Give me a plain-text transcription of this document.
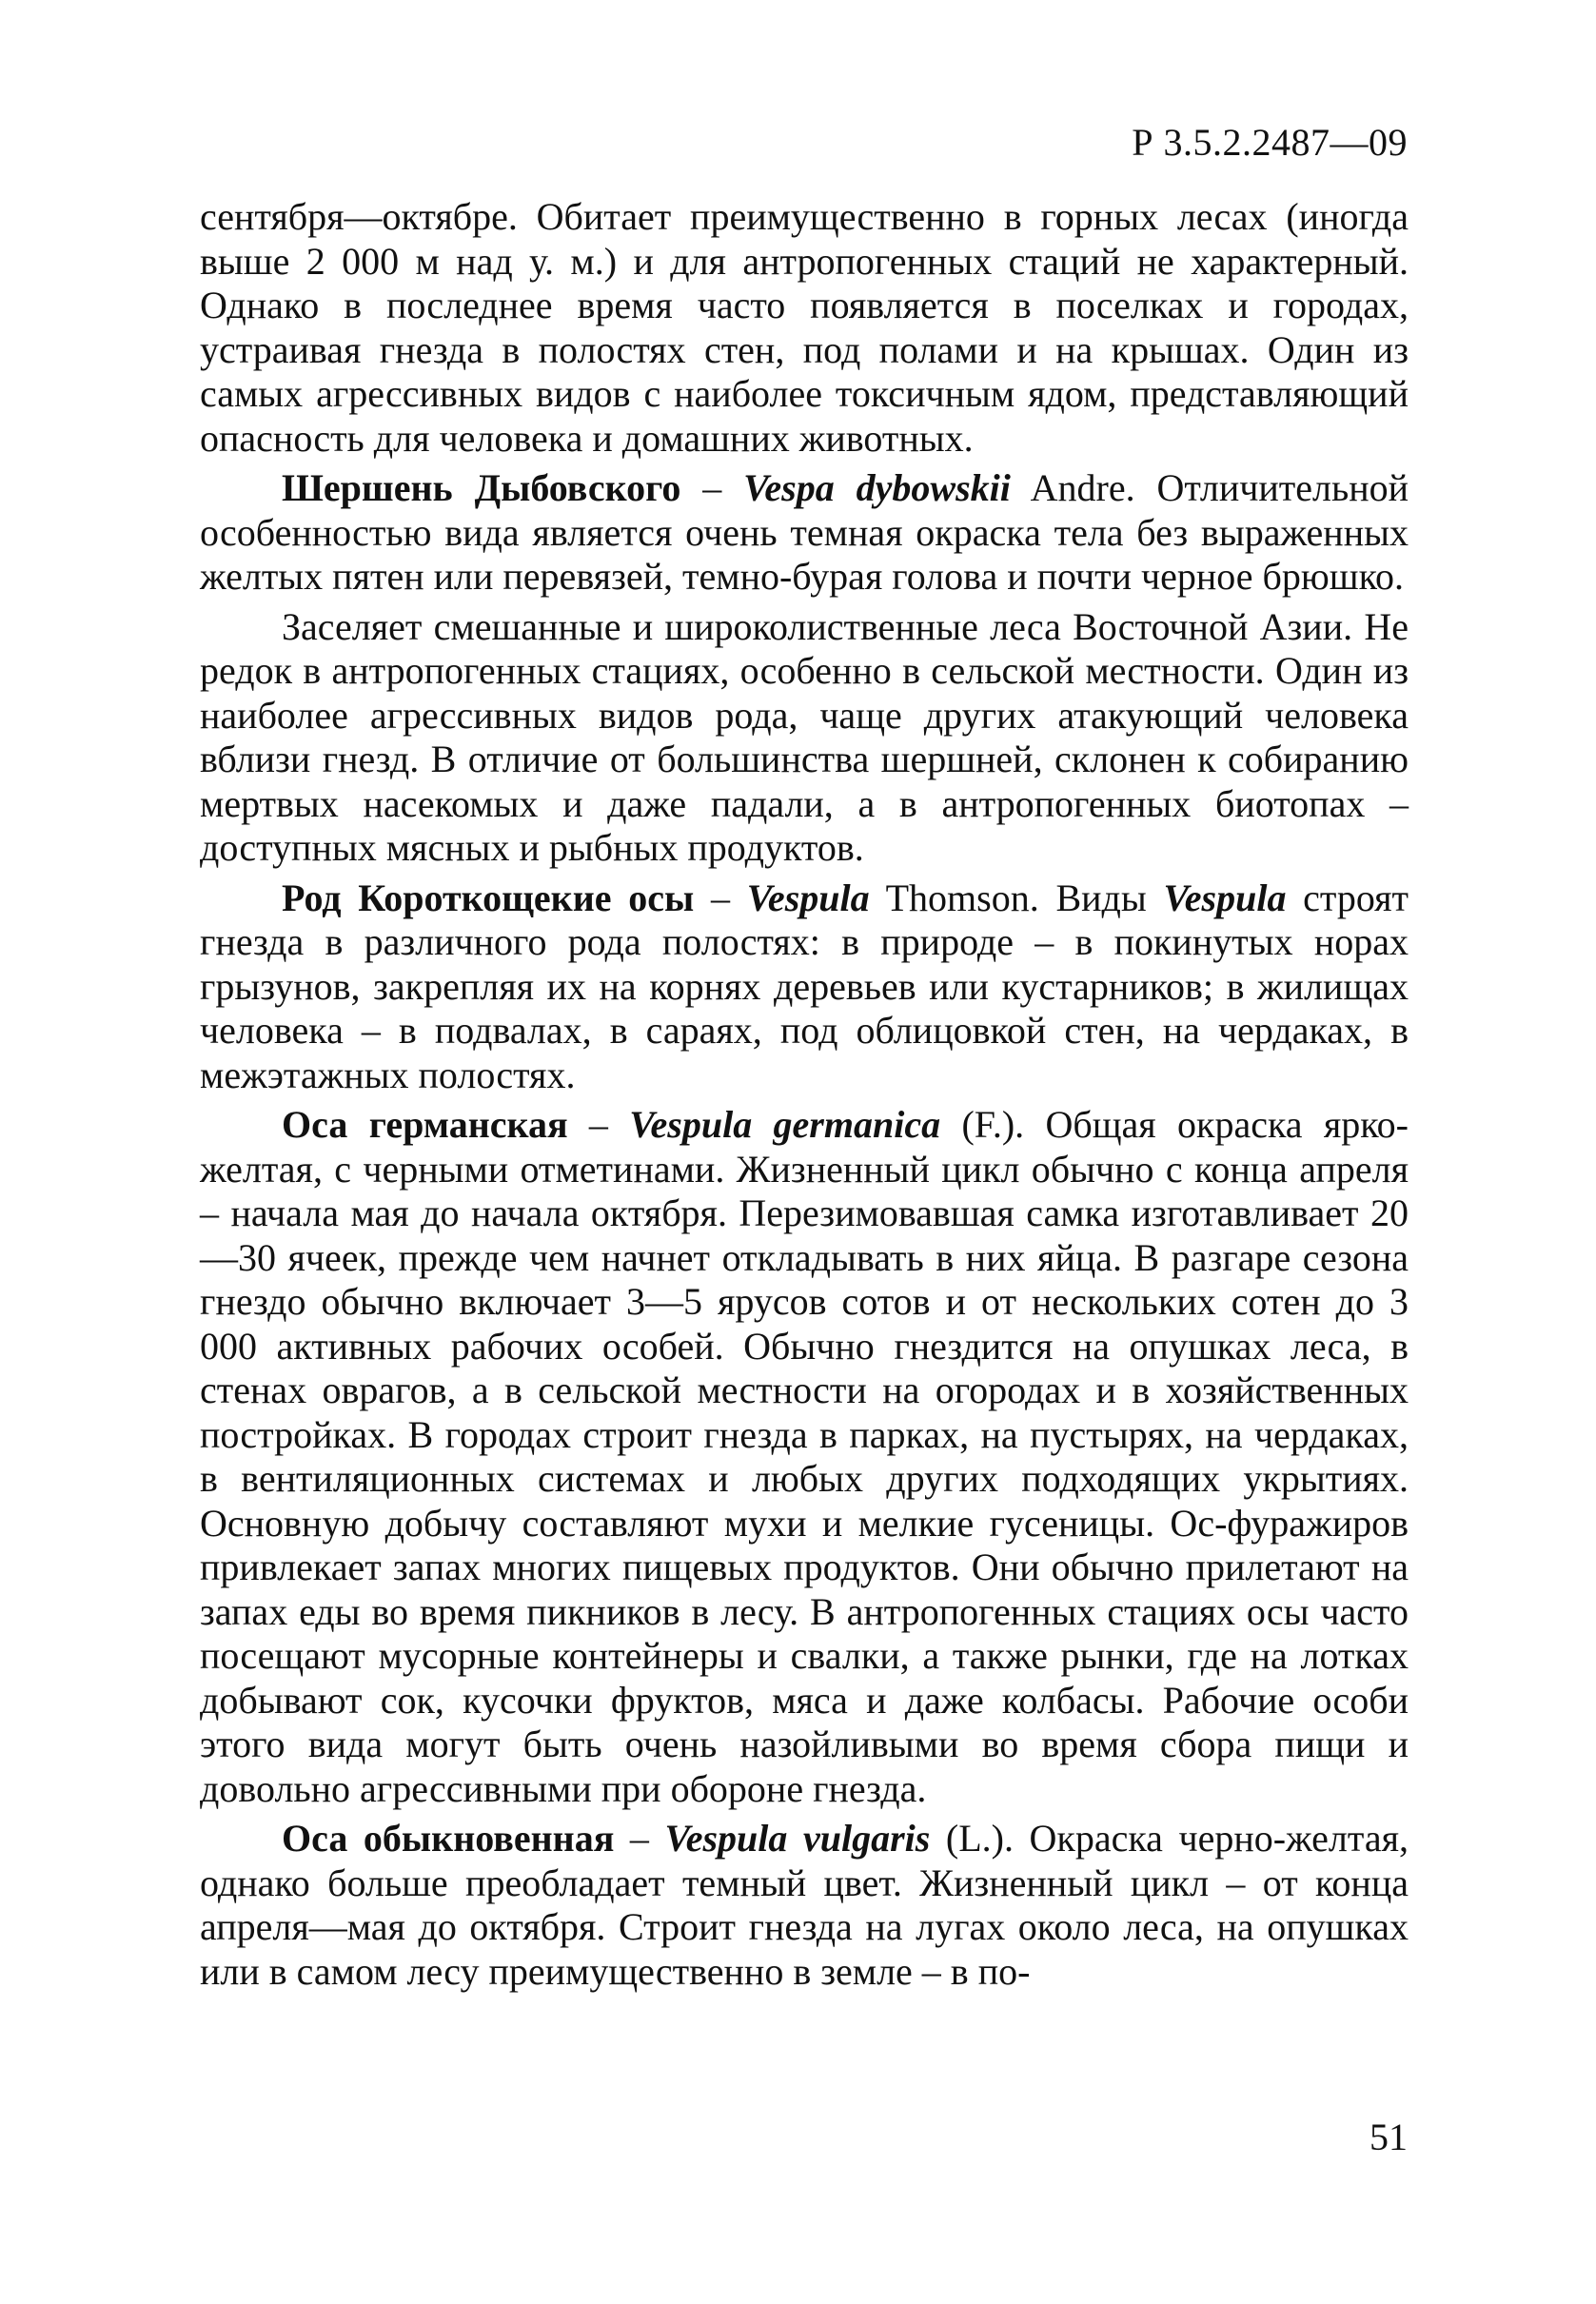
Р 3.5.2.2487—09

сентября—октябре. Обитает преимущественно в горных лесах (иногда выше 2 000 м над у. м.) и для антропогенных стаций не характерный. Однако в последнее время часто появляется в поселках и городах, устраивая гнезда в полостях стен, под полами и на крышах. Один из самых агрессивных видов с наиболее токсичным ядом, представляющий опасность для человека и домашних животных.

Шершень Дыбовского – Vespa dybowskii Andre. Отличительной особенностью вида является очень темная окраска тела без выраженных желтых пятен или перевязей, темно-бурая голова и почти черное брюшко.

Заселяет смешанные и широколиственные леса Восточной Азии. Не редок в антропогенных стациях, особенно в сельской местности. Один из наиболее агрессивных видов рода, чаще других атакующий человека вблизи гнезд. В отличие от большинства шершней, склонен к собиранию мертвых насекомых и даже падали, а в антропогенных биотопах – доступных мясных и рыбных продуктов.

Род Короткощекие осы – Vespula Thomson. Виды Vespula строят гнезда в различного рода полостях: в природе – в покинутых норах грызунов, закрепляя их на корнях деревьев или кустарников; в жилищах человека – в подвалах, в сараях, под облицовкой стен, на чердаках, в межэтажных полостях.

Оса германская – Vespula germanica (F.). Общая окраска ярко-желтая, с черными отметинами. Жизненный цикл обычно с конца апреля – начала мая до начала октября. Перезимовавшая самка изготавливает 20—30 ячеек, прежде чем начнет откладывать в них яйца. В разгаре сезона гнездо обычно включает 3—5 ярусов сотов и от нескольких сотен до 3 000 активных рабочих особей. Обычно гнездится на опушках леса, в стенах оврагов, а в сельской местности на огородах и в хозяйственных постройках. В городах строит гнезда в парках, на пустырях, на чердаках, в вентиляционных системах и любых других подходящих укрытиях. Основную добычу составляют мухи и мелкие гусеницы. Ос-фуражиров привлекает запах многих пищевых продуктов. Они обычно прилетают на запах еды во время пикников в лесу. В антропогенных стациях осы часто посещают мусорные контейнеры и свалки, а также рынки, где на лотках добывают сок, кусочки фруктов, мяса и даже колбасы. Рабочие особи этого вида могут быть очень назойливыми во время сбора пищи и довольно агрессивными при обороне гнезда.

Оса обыкновенная – Vespula vulgaris (L.). Окраска черно-желтая, однако больше преобладает темный цвет. Жизненный цикл – от конца апреля—мая до октября. Строит гнезда на лугах около леса, на опушках или в самом лесу преимущественно в земле – в по-

51
